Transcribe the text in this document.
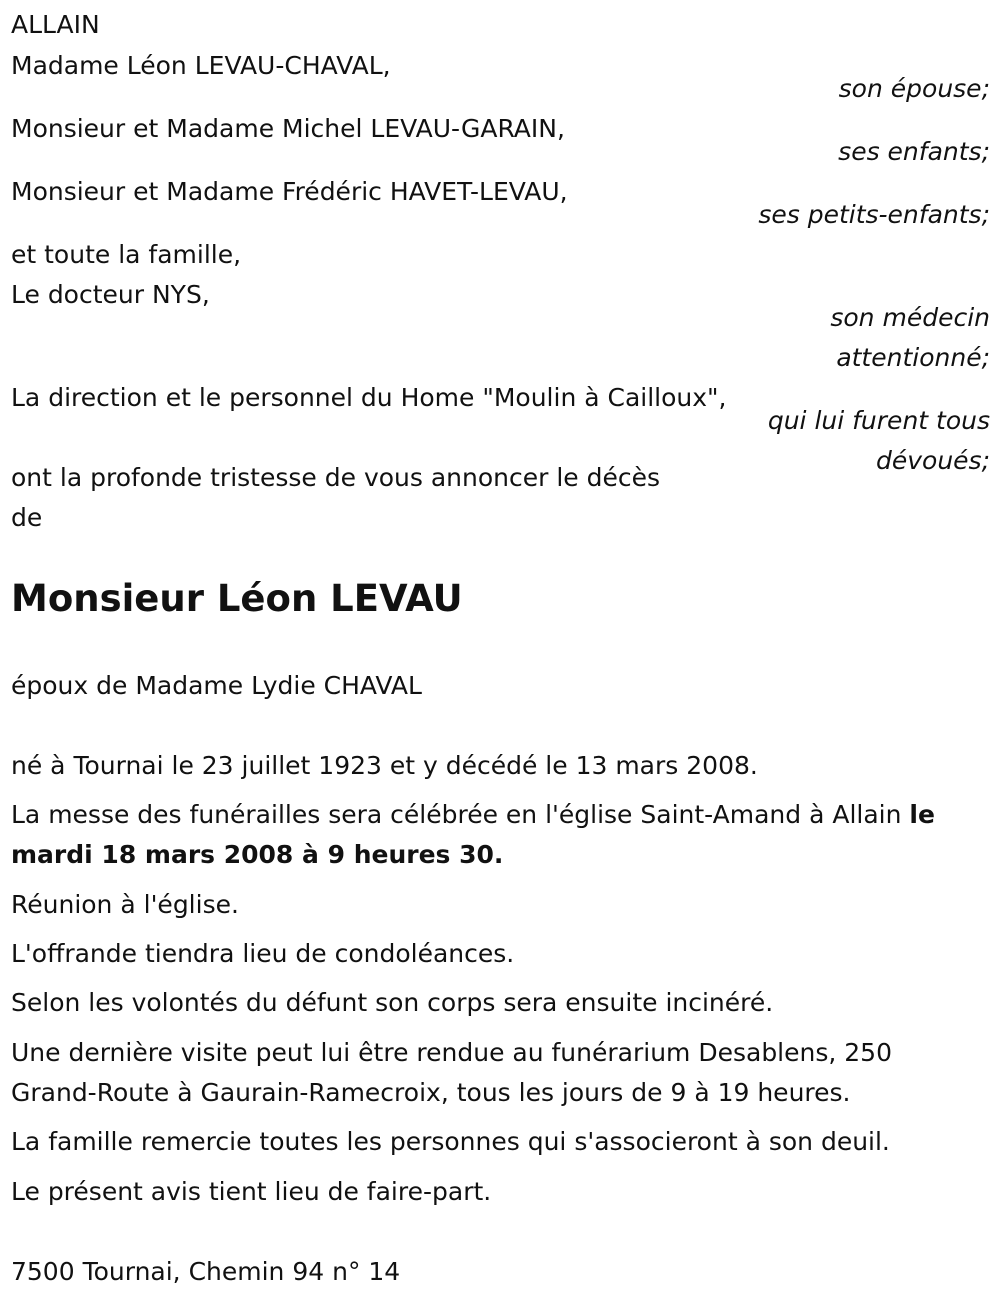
ALLAIN
Madame Léon LEVAU-CHAVAL,
son épouse;
Monsieur et Madame Michel LEVAU-GARAIN,
ses enfants;
Monsieur et Madame Frédéric HAVET-LEVAU,
ses petits-enfants;
et toute la famille,
Le docteur NYS,
son médecin
attentionné;
La direction et le personnel du Home "Moulin à Cailloux",
qui lui furent tous
dévoués;
ont la profonde tristesse de vous annoncer le décès
de
Monsieur Léon LEVAU
époux de Madame Lydie CHAVAL
né à Tournai le 23 juillet 1923 et y décédé le 13 mars 2008.
La messe des funérailles sera célébrée en l'église Saint-Amand à Allain le
mardi 18 mars 2008 à 9 heures 30.
Réunion à l'église.
L'offrande tiendra lieu de condoléances.
Selon les volontés du défunt son corps sera ensuite incinéré.
Une dernière visite peut lui être rendue au funérarium Desablens, 250
Grand-Route à Gaurain-Ramecroix, tous les jours de 9 à 19 heures.
La famille remercie toutes les personnes qui s'associeront à son deuil.
Le présent avis tient lieu de faire-part.
7500 Tournai, Chemin 94 n° 14
